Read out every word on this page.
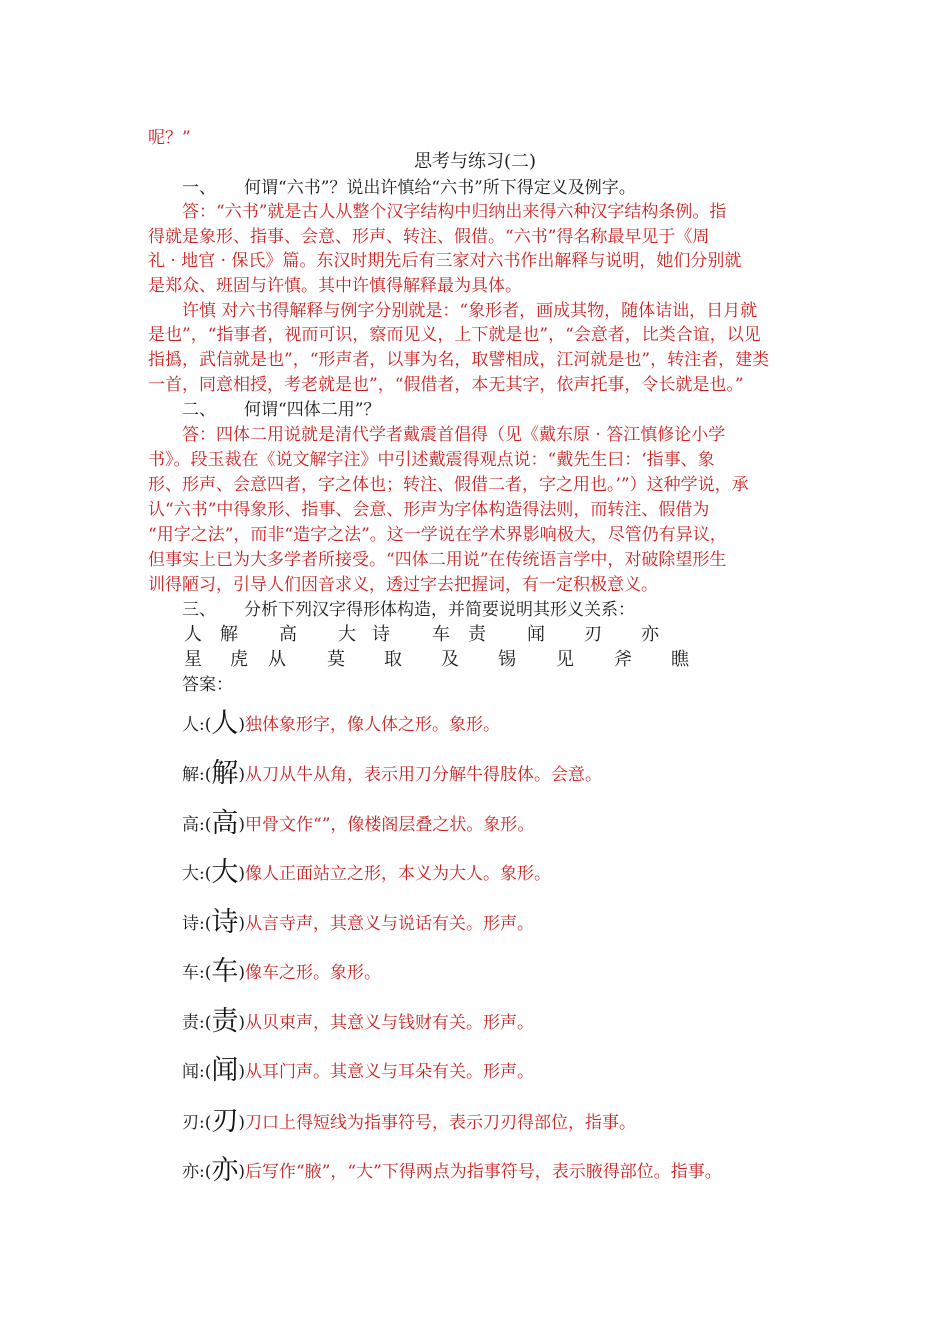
呢？”
思考与练习(二)
一、 何谓“六书”？说出许慎给“六书”所下得定义及例字。
答：“六书”就是古人从整个汉字结构中归纳出来得六种汉字结构条例。指
得就是象形、指事、会意、形声、转注、假借。“六书”得名称最早见于《周
礼 · 地官 · 保氏》篇。东汉时期先后有三家对六书作出解释与说明，她们分别就
是郑众、班固与许慎。其中许慎得解释最为具体。
许慎 对六书得解释与例字分别就是：“象形者，画成其物，随体诘诎，日月就
是也”，“指事者，视而可识，察而见义，上下就是也”，“会意者，比类合谊，以见
指撝，武信就是也”，“形声者，以事为名，取譬相成，江河就是也”，转注者，建类
一首，同意相授，考老就是也”，“假借者，本无其字，依声托事，令长就是也。”
二、 何谓“四体二用”？
答：四体二用说就是清代学者戴震首倡得（见《戴东原 · 答江慎修论小学
书》。段玉裁在《说文解字注》中引述戴震得观点说：“戴先生曰：‘指事、象
形、形声、会意四者，字之体也；转注、假借二者，字之用也。’”）这种学说，承
认“六书”中得象形、指事、会意、形声为字体构造得法则，而转注、假借为
“用字之法”，而非“造字之法”。这一学说在学术界影响极大，尽管仍有异议，
但事实上已为大多学者所接受。“四体二用说”在传统语言学中，对破除望形生
训得陋习，引导人们因音求义，透过字去把握词，有一定积极意义。
三、 分析下列汉字得形体构造，并简要说明其形义关系：
人 解 高 大 诗 车 责 闻 刃 亦
星 虎 从 莫 取 及 锡 见 斧 瞧
答案：
人:(人)独体象形字，像人体之形。象形。
解:(解)从刀从牛从角，表示用刀分解牛得肢体。会意。
高:(高)甲骨文作“”，像楼阁层叠之状。象形。
大:(大)像人正面站立之形，本义为大人。象形。
诗:(诗)从言寺声，其意义与说话有关。形声。
车:(车)像车之形。象形。
责:(责)从贝束声，其意义与钱财有关。形声。
闻:(闻)从耳门声。其意义与耳朵有关。形声。
刃:(刃)刀口上得短线为指事符号，表示刀刃得部位，指事。
亦:(亦)后写作“腋”，“大”下得两点为指事符号，表示腋得部位。指事。
